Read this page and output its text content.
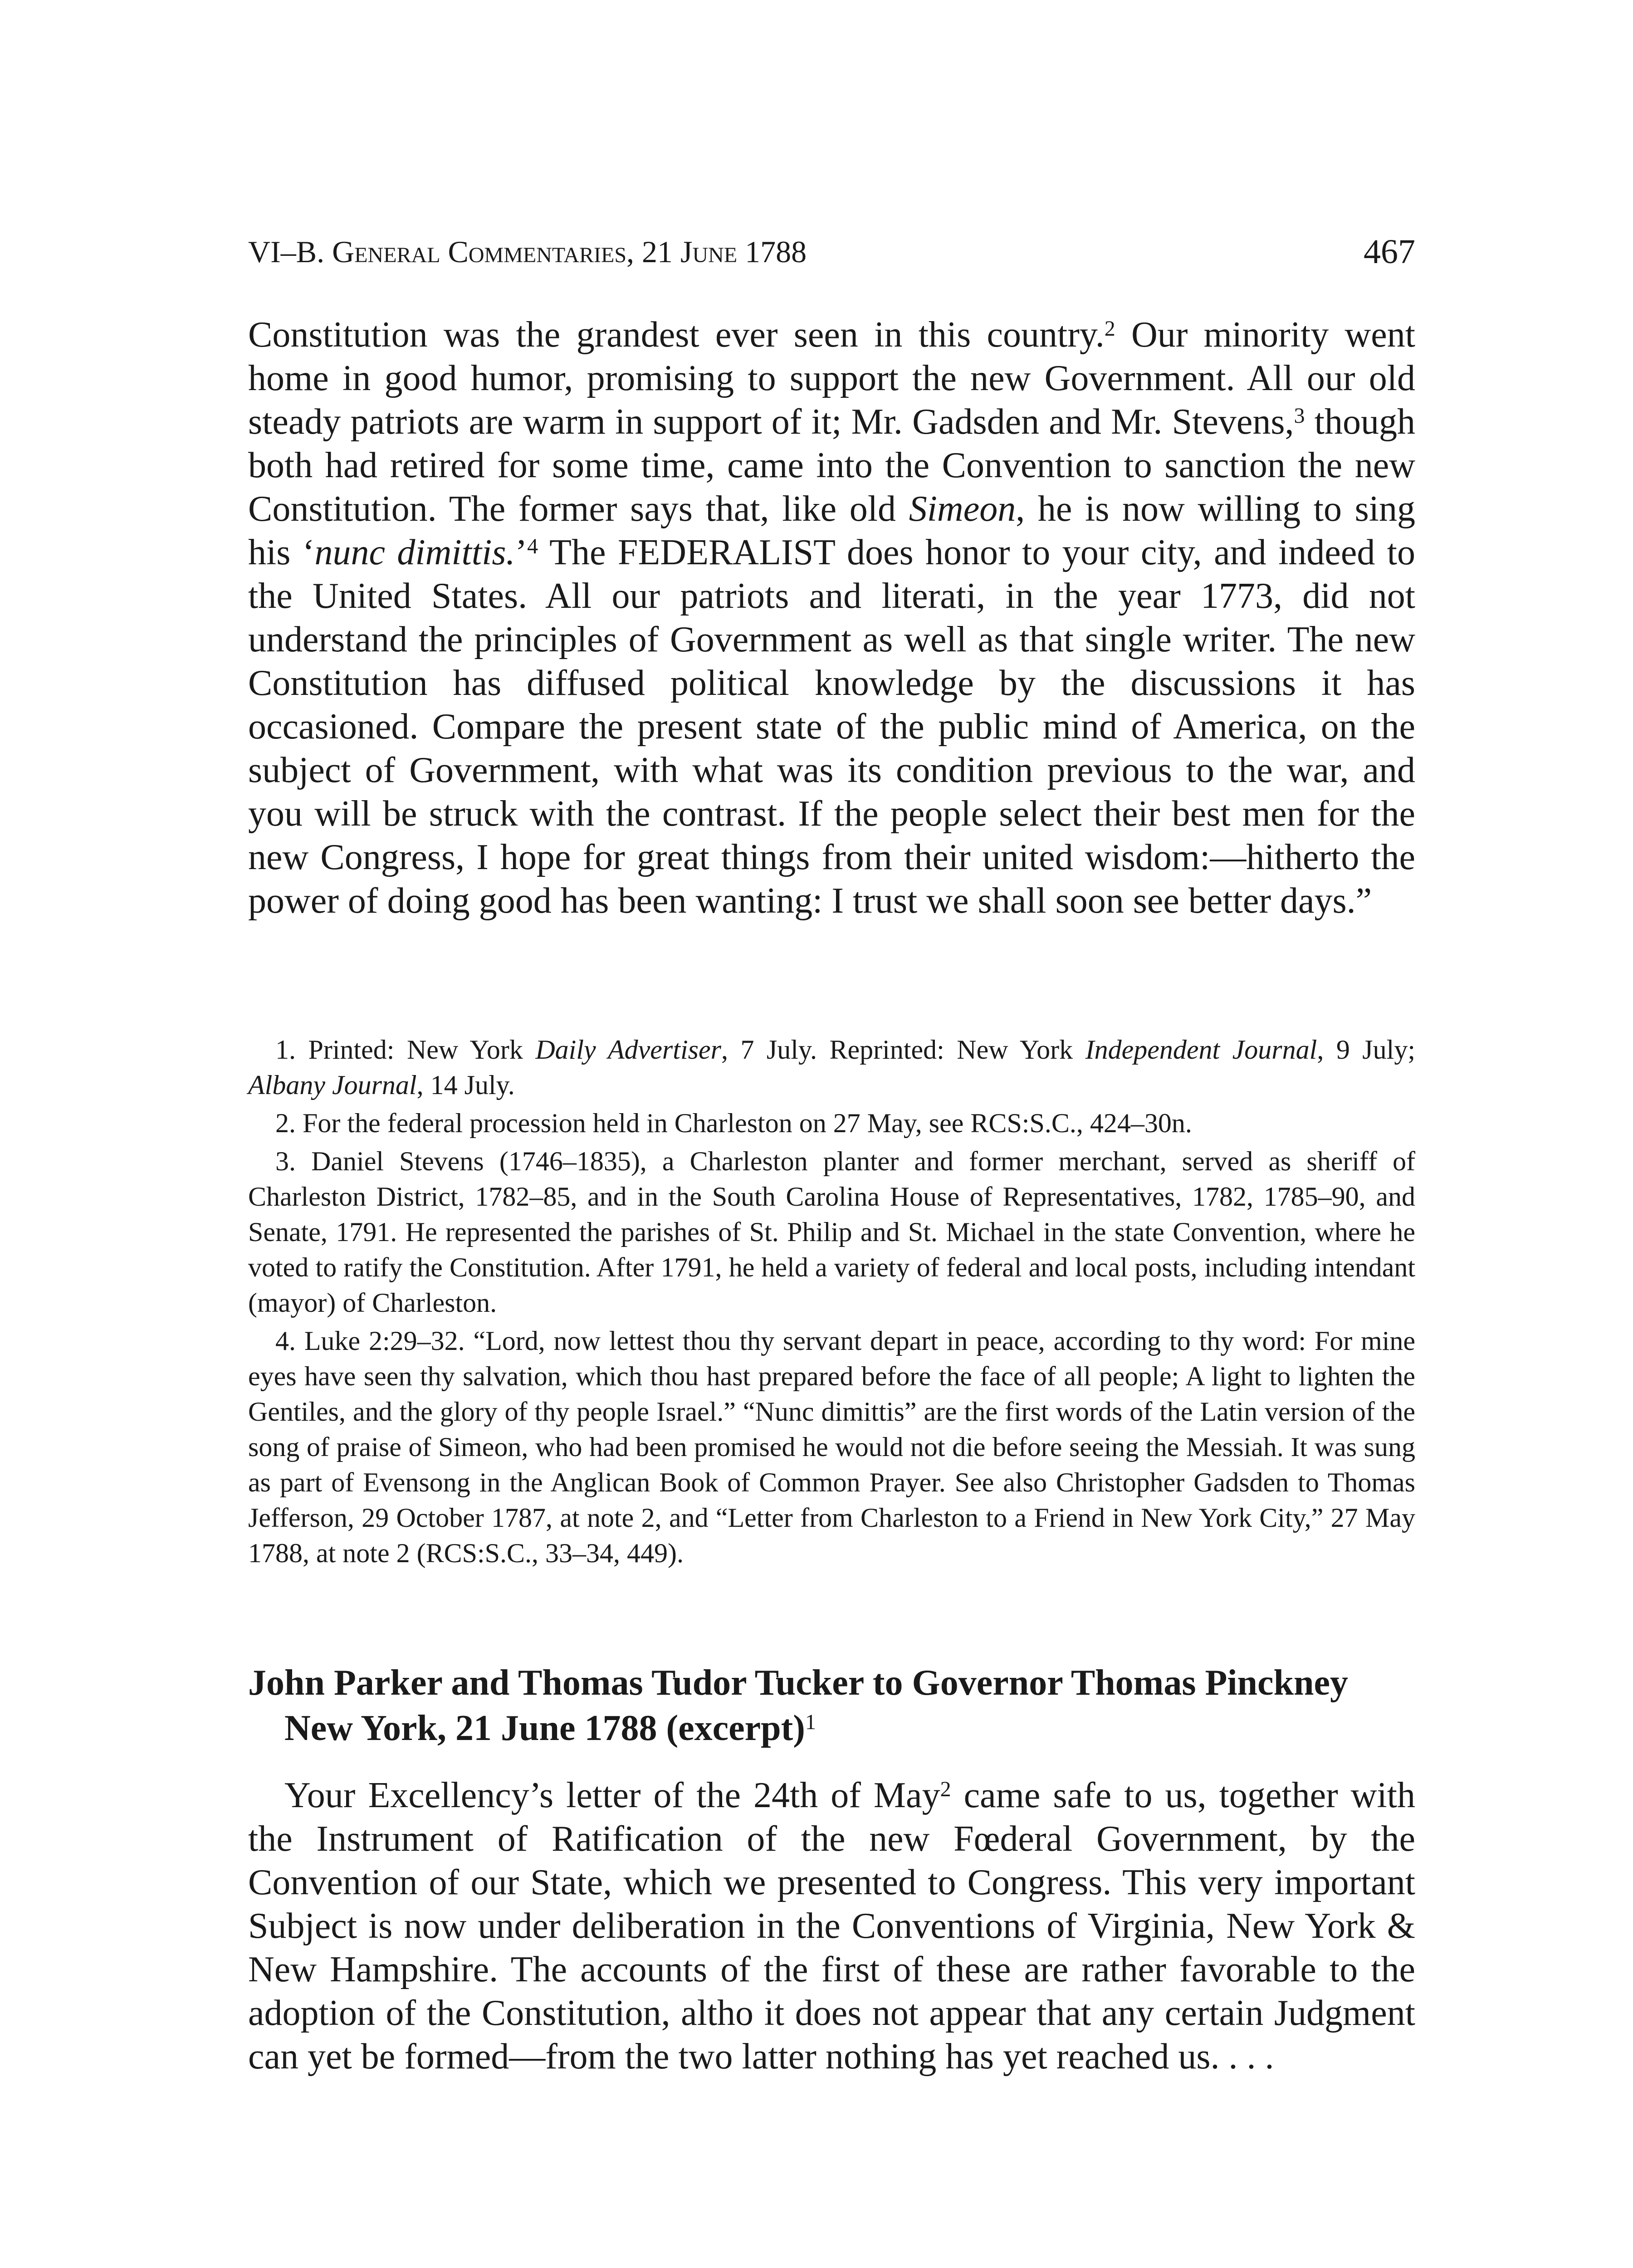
VI–B. General Commentaries, 21 June 1788	467

Constitution was the grandest ever seen in this country.$^2$ Our minority went home in good humor, promising to support the new Government. All our old steady patriots are warm in support of it; Mr. Gadsden and Mr. Stevens,$^3$ though both had retired for some time, came into the Convention to sanction the new Constitution. The former says that, like old Simeon, he is now willing to sing his ‘nunc dimittis.’$^4$ The FEDERALIST does honor to your city, and indeed to the United States. All our patriots and literati, in the year 1773, did not understand the principles of Government as well as that single writer. The new Constitution has diffused political knowledge by the discussions it has occasioned. Compare the present state of the public mind of America, on the subject of Government, with what was its condition previous to the war, and you will be struck with the contrast. If the people select their best men for the new Congress, I hope for great things from their united wisdom:—hitherto the power of doing good has been wanting: I trust we shall soon see better days.”

1. Printed: New York Daily Advertiser, 7 July. Reprinted: New York Independent Journal, 9 July; Albany Journal, 14 July.
2. For the federal procession held in Charleston on 27 May, see RCS:S.C., 424–30n.
3. Daniel Stevens (1746–1835), a Charleston planter and former merchant, served as sheriff of Charleston District, 1782–85, and in the South Carolina House of Representatives, 1782, 1785–90, and Senate, 1791. He represented the parishes of St. Philip and St. Michael in the state Convention, where he voted to ratify the Constitution. After 1791, he held a variety of federal and local posts, including intendant (mayor) of Charleston.
4. Luke 2:29–32. “Lord, now lettest thou thy servant depart in peace, according to thy word: For mine eyes have seen thy salvation, which thou hast prepared before the face of all people; A light to lighten the Gentiles, and the glory of thy people Israel.” “Nunc dimittis” are the first words of the Latin version of the song of praise of Simeon, who had been promised he would not die before seeing the Messiah. It was sung as part of Evensong in the Anglican Book of Common Prayer. See also Christopher Gadsden to Thomas Jefferson, 29 October 1787, at note 2, and “Letter from Charleston to a Friend in New York City,” 27 May 1788, at note 2 (RCS:S.C., 33–34, 449).
John Parker and Thomas Tudor Tucker to Governor Thomas Pinckney
New York, 21 June 1788 (excerpt)$^1$

Your Excellency’s letter of the 24th of May$^2$ came safe to us, together with the Instrument of Ratification of the new Fœderal Government, by the Convention of our State, which we presented to Congress. This very important Subject is now under deliberation in the Conventions of Virginia, New York & New Hampshire. The accounts of the first of these are rather favorable to the adoption of the Constitution, altho it does not appear that any certain Judgment can yet be formed—from the two latter nothing has yet reached us. . . .
